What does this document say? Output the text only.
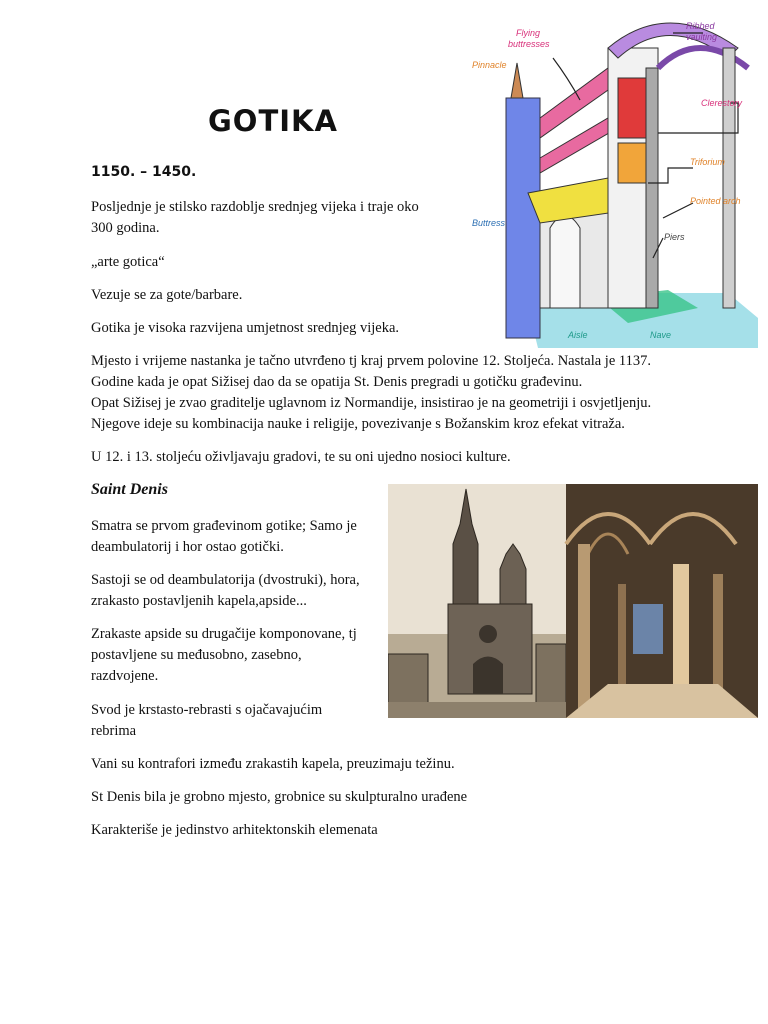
GOTIKA
1150. – 1450.
Posljednje je stilsko razdoblje srednjeg vijeka i traje oko 300 godina.
„arte gotica“
Vezuje se za gote/barbare.
Gotika je visoka razvijena umjetnost srednjeg vijeka.
Flying
buttresses
Ribbed
vaulting
Pinnacle
Clerestory
Triforium
Pointed arch
Buttress
Piers
Aisle	Nave
Mjesto i vrijeme nastanka je tačno utvrđeno tj kraj prvem polovine 12. Stoljeća. Nastala je 1137.
Godine kada je opat Sižisej dao da se opatija St. Denis pregradi u gotičku građevinu.
Opat Sižisej je zvao graditelje uglavnom iz Normandije, insistirao je na geometriji i osvjetljenju.
Njegove ideje su kombinacija nauke i religije, povezivanje s Božanskim kroz efekat vitraža.
U 12. i 13. stoljeću oživljavaju gradovi, te su oni ujedno nosioci kulture.
Saint Denis
Smatra se prvom građevinom gotike; Samo je deambulatorij i hor ostao gotički.
Sastoji se od deambulatorija (dvostruki), hora, zrakasto postavljenih kapela,apside...
Zrakaste apside su drugačije komponovane, tj postavljene su međusobno, zasebno, razdvojene.
Svod je krstasto-rebrasti s ojačavajućim rebrima
Vani su kontrafori između zrakastih kapela, preuzimaju težinu.
St Denis bila je grobno mjesto, grobnice su skulpturalno urađene
Karakteriše je jedinstvo arhitektonskih elemenata
